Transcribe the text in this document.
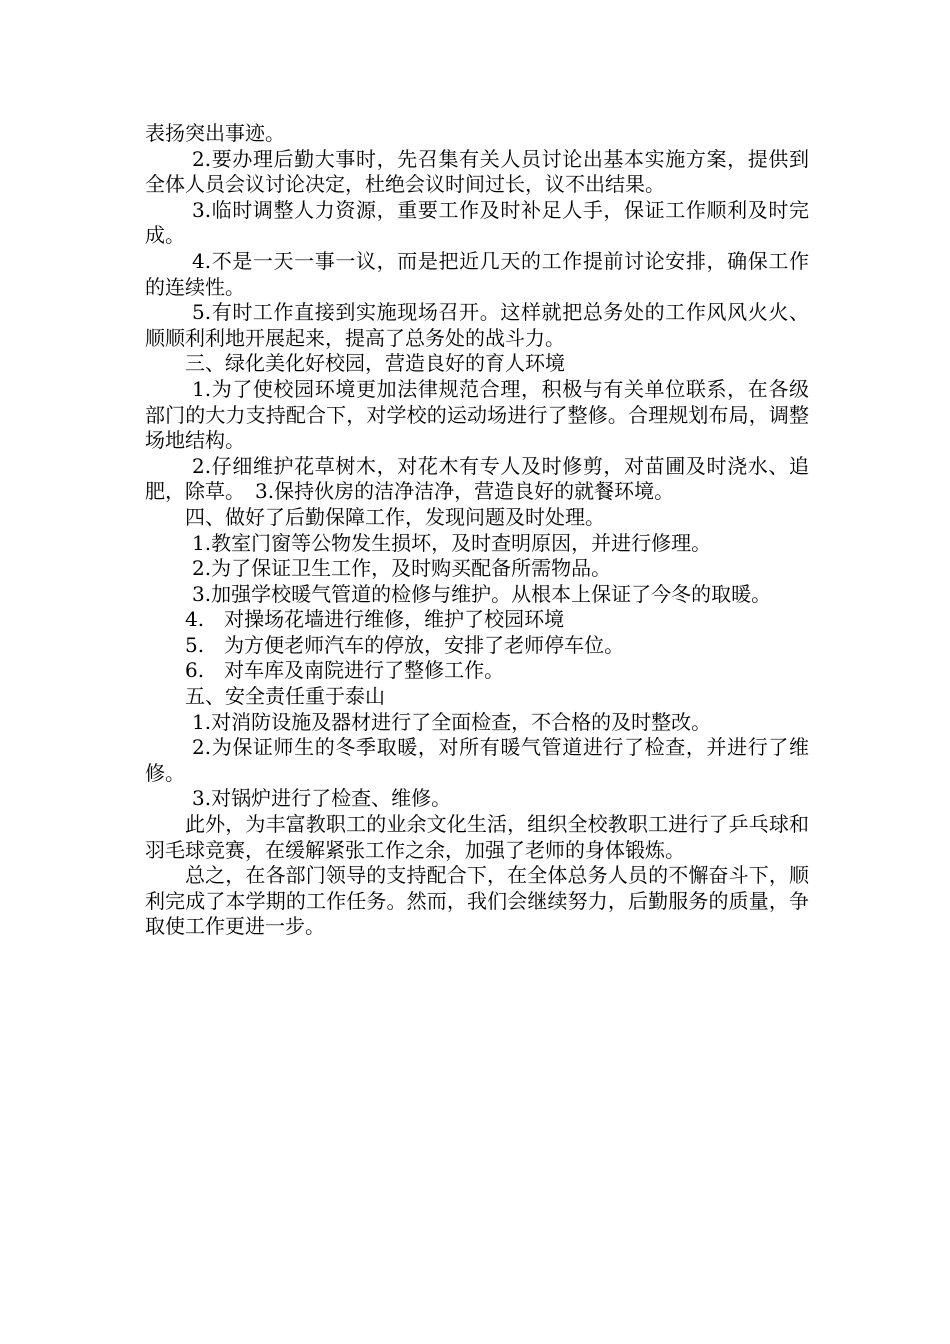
表扬突出事迹。

2.要办理后勤大事时，先召集有关人员讨论出基本实施方案，提供到全体人员会议讨论决定，杜绝会议时间过长，议不出结果。

3.临时调整人力资源，重要工作及时补足人手，保证工作顺利及时完成。

4.不是一天一事一议，而是把近几天的工作提前讨论安排，确保工作的连续性。

5.有时工作直接到实施现场召开。这样就把总务处的工作风风火火、顺顺利利地开展起来，提高了总务处的战斗力。

三、绿化美化好校园，营造良好的育人环境

1.为了使校园环境更加法律规范合理，积极与有关单位联系，在各级部门的大力支持配合下，对学校的运动场进行了整修。合理规划布局，调整场地结构。

2.仔细维护花草树木，对花木有专人及时修剪，对苗圃及时浇水、追肥，除草。　3.保持伙房的洁净洁净，营造良好的就餐环境。

四、做好了后勤保障工作，发现问题及时处理。

1.教室门窗等公物发生损坏，及时查明原因，并进行修理。

2.为了保证卫生工作，及时购买配备所需物品。

3.加强学校暖气管道的检修与维护。从根本上保证了今冬的取暖。

4.　对操场花墙进行维修，维护了校园环境

5.　为方便老师汽车的停放，安排了老师停车位。

6.　对车库及南院进行了整修工作。

五、安全责任重于泰山

1.对消防设施及器材进行了全面检查，不合格的及时整改。

2.为保证师生的冬季取暖，对所有暖气管道进行了检查，并进行了维修。

3.对锅炉进行了检查、维修。

此外，为丰富教职工的业余文化生活，组织全校教职工进行了乒乓球和羽毛球竞赛，在缓解紧张工作之余，加强了老师的身体锻炼。

总之，在各部门领导的支持配合下，在全体总务人员的不懈奋斗下，顺利完成了本学期的工作任务。然而，我们会继续努力，后勤服务的质量，争取使工作更进一步。
